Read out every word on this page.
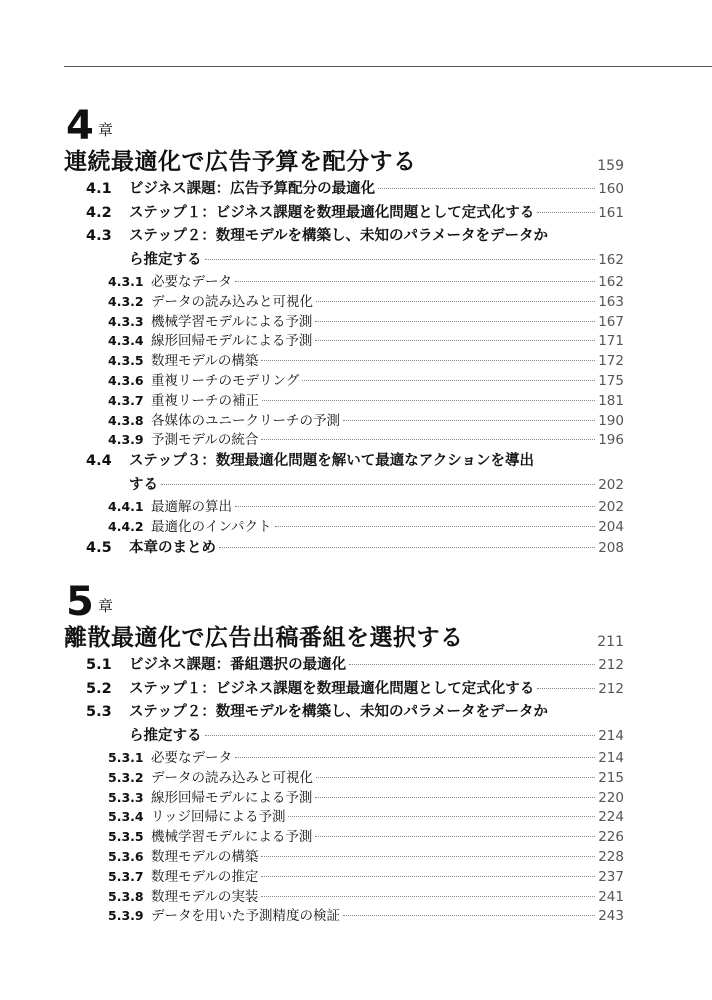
4 章
連続最適化で広告予算を配分する	159
4.1	ビジネス課題：広告予算配分の最適化	160
4.2	ステップ１：ビジネス課題を数理最適化問題として定式化する	161
4.3	ステップ２：数理モデルを構築し、未知のパラメータをデータか
ら推定する	162
4.3.1 必要なデータ	162
4.3.2 データの読み込みと可視化	163
4.3.3 機械学習モデルによる予測	167
4.3.4 線形回帰モデルによる予測	171
4.3.5 数理モデルの構築	172
4.3.6 重複リーチのモデリング	175
4.3.7 重複リーチの補正	181
4.3.8 各媒体のユニークリーチの予測	190
4.3.9 予測モデルの統合	196
4.4	ステップ３：数理最適化問題を解いて最適なアクションを導出
する	202
4.4.1 最適解の算出	202
4.4.2 最適化のインパクト	204
4.5	本章のまとめ	208
5 章
離散最適化で広告出稿番組を選択する	211
5.1	ビジネス課題：番組選択の最適化	212
5.2	ステップ１：ビジネス課題を数理最適化問題として定式化する	212
5.3	ステップ２：数理モデルを構築し、未知のパラメータをデータか
ら推定する	214
5.3.1 必要なデータ	214
5.3.2 データの読み込みと可視化	215
5.3.3 線形回帰モデルによる予測	220
5.3.4 リッジ回帰による予測	224
5.3.5 機械学習モデルによる予測	226
5.3.6 数理モデルの構築	228
5.3.7 数理モデルの推定	237
5.3.8 数理モデルの実装	241
5.3.9 データを用いた予測精度の検証	243
